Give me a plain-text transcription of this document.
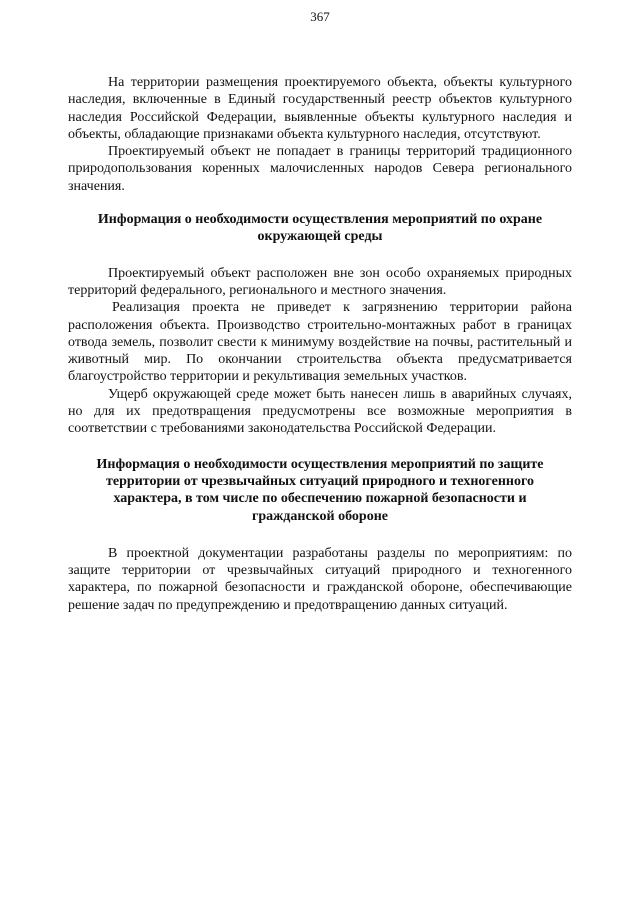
367

На территории размещения проектируемого объекта, объекты культурного наследия, включенные в Единый государственный реестр объектов культурного наследия Российской Федерации, выявленные объекты культурного наследия и объекты, обладающие признаками объекта культурного наследия, отсутствуют.

Проектируемый объект не попадает в границы территорий традиционного природопользования коренных малочисленных народов Севера регионального значения.

Информация о необходимости осуществления мероприятий по охране окружающей среды

Проектируемый объект расположен вне зон особо охраняемых природных территорий федерального, регионального и местного значения.

Реализация проекта не приведет к загрязнению территории района расположения объекта. Производство строительно-монтажных работ в границах отвода земель, позволит свести к минимуму воздействие на почвы, растительный и животный мир. По окончании строительства объекта предусматривается благоустройство территории и рекультивация земельных участков.

Ущерб окружающей среде может быть нанесен лишь в аварийных случаях, но для их предотвращения предусмотрены все возможные мероприятия в соответствии с требованиями законодательства Российской Федерации.

Информация о необходимости осуществления мероприятий по защите территории от чрезвычайных ситуаций природного и техногенного характера, в том числе по обеспечению пожарной безопасности и гражданской обороне

В проектной документации разработаны разделы по мероприятиям: по защите территории от чрезвычайных ситуаций природного и техногенного характера, по пожарной безопасности и гражданской обороне, обеспечивающие решение задач по предупреждению и предотвращению данных ситуаций.
